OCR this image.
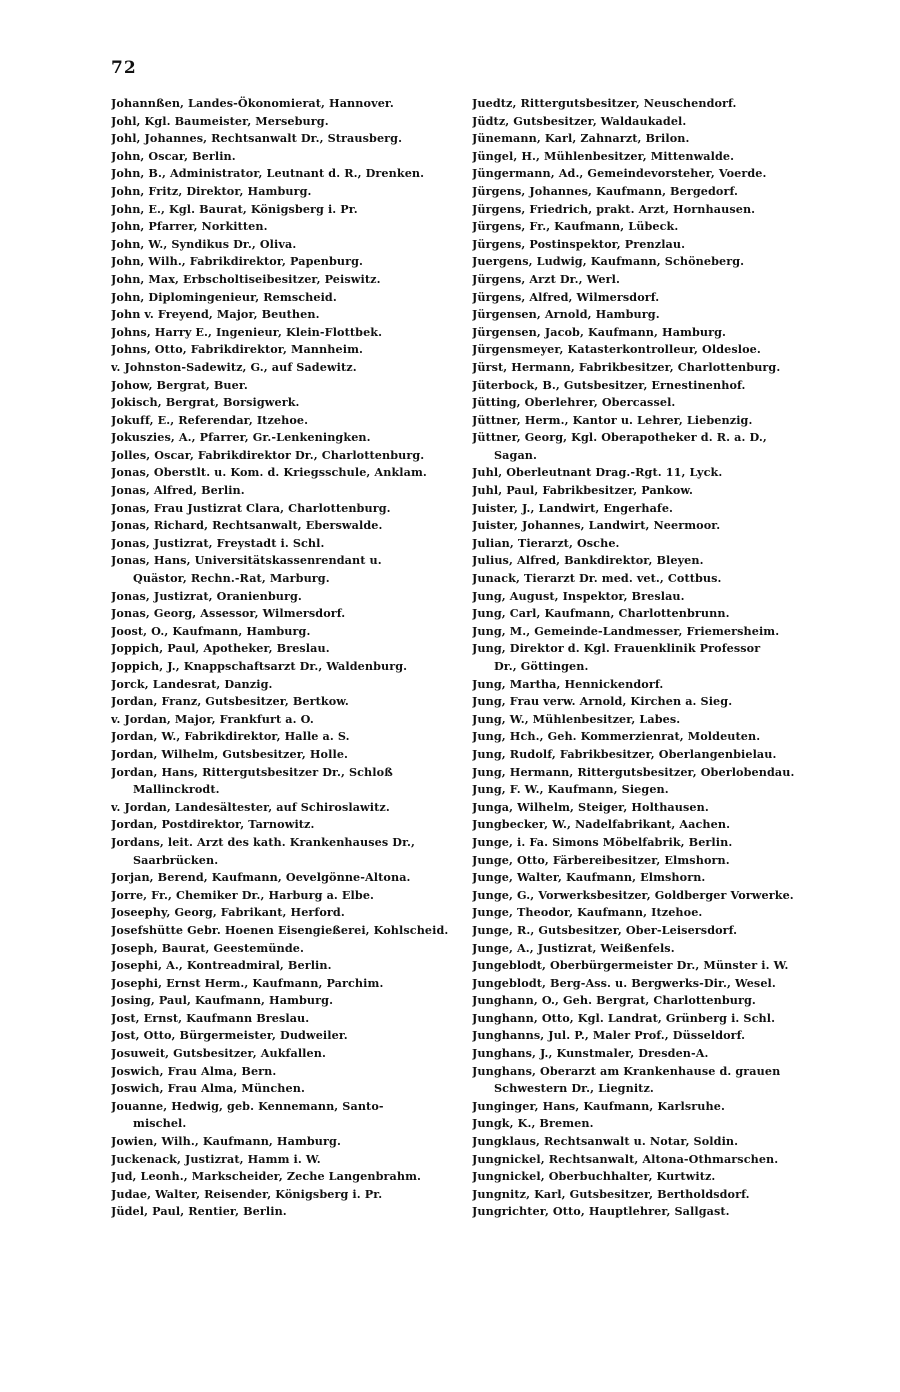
72
Johannßen, Landes-Ökonomierat, Hannover.
Johl, Kgl. Baumeister, Merseburg.
Johl, Johannes, Rechtsanwalt Dr., Strausberg.
John, Oscar, Berlin.
John, B., Administrator, Leutnant d. R., Drenken.
John, Fritz, Direktor, Hamburg.
John, E., Kgl. Baurat, Königsberg i. Pr.
John, Pfarrer, Norkitten.
John, W., Syndikus Dr., Oliva.
John, Wilh., Fabrikdirektor, Papenburg.
John, Max, Erbscholtiseibesitzer, Peiswitz.
John, Diplomingenieur, Remscheid.
John v. Freyend, Major, Beuthen.
Johns, Harry E., Ingenieur, Klein-Flottbek.
Johns, Otto, Fabrikdirektor, Mannheim.
v. Johnston-Sadewitz, G., auf Sadewitz.
Johow, Bergrat, Buer.
Jokisch, Bergrat, Borsigwerk.
Jokuff, E., Referendar, Itzehoe.
Jokuszies, A., Pfarrer, Gr.-Lenkeningken.
Jolles, Oscar, Fabrikdirektor Dr., Charlottenburg.
Jonas, Oberstlt. u. Kom. d. Kriegsschule, Anklam.
Jonas, Alfred, Berlin.
Jonas, Frau Justizrat Clara, Charlottenburg.
Jonas, Richard, Rechtsanwalt, Eberswalde.
Jonas, Justizrat, Freystadt i. Schl.
Jonas, Hans, Universitätskassenrendant u.
Quästor, Rechn.-Rat, Marburg.
Jonas, Justizrat, Oranienburg.
Jonas, Georg, Assessor, Wilmersdorf.
Joost, O., Kaufmann, Hamburg.
Joppich, Paul, Apotheker, Breslau.
Joppich, J., Knappschaftsarzt Dr., Waldenburg.
Jorck, Landesrat, Danzig.
Jordan, Franz, Gutsbesitzer, Bertkow.
v. Jordan, Major, Frankfurt a. O.
Jordan, W., Fabrikdirektor, Halle a. S.
Jordan, Wilhelm, Gutsbesitzer, Holle.
Jordan, Hans, Rittergutsbesitzer Dr., Schloß
Mallinckrodt.
v. Jordan, Landesältester, auf Schiroslawitz.
Jordan, Postdirektor, Tarnowitz.
Jordans, leit. Arzt des kath. Krankenhauses Dr.,
Saarbrücken.
Jorjan, Berend, Kaufmann, Oevelgönne-Altona.
Jorre, Fr., Chemiker Dr., Harburg a. Elbe.
Joseephy, Georg, Fabrikant, Herford.
Josefshütte Gebr. Hoenen Eisengießerei, Kohlscheid.
Joseph, Baurat, Geestemünde.
Josephi, A., Kontreadmiral, Berlin.
Josephi, Ernst Herm., Kaufmann, Parchim.
Josing, Paul, Kaufmann, Hamburg.
Jost, Ernst, Kaufmann Breslau.
Jost, Otto, Bürgermeister, Dudweiler.
Josuweit, Gutsbesitzer, Aukfallen.
Joswich, Frau Alma, Bern.
Joswich, Frau Alma, München.
Jouanne, Hedwig, geb. Kennemann, Santo-
mischel.
Jowien, Wilh., Kaufmann, Hamburg.
Juckenack, Justizrat, Hamm i. W.
Jud, Leonh., Markscheider, Zeche Langenbrahm.
Judae, Walter, Reisender, Königsberg i. Pr.
Jüdel, Paul, Rentier, Berlin.
Juedtz, Rittergutsbesitzer, Neuschendorf.
Jüdtz, Gutsbesitzer, Waldaukadel.
Jünemann, Karl, Zahnarzt, Brilon.
Jüngel, H., Mühlenbesitzer, Mittenwalde.
Jüngermann, Ad., Gemeindevorsteher, Voerde.
Jürgens, Johannes, Kaufmann, Bergedorf.
Jürgens, Friedrich, prakt. Arzt, Hornhausen.
Jürgens, Fr., Kaufmann, Lübeck.
Jürgens, Postinspektor, Prenzlau.
Juergens, Ludwig, Kaufmann, Schöneberg.
Jürgens, Arzt Dr., Werl.
Jürgens, Alfred, Wilmersdorf.
Jürgensen, Arnold, Hamburg.
Jürgensen, Jacob, Kaufmann, Hamburg.
Jürgensmeyer, Katasterkontrolleur, Oldesloe.
Jürst, Hermann, Fabrikbesitzer, Charlottenburg.
Jüterbock, B., Gutsbesitzer, Ernestinenhof.
Jütting, Oberlehrer, Obercassel.
Jüttner, Herm., Kantor u. Lehrer, Liebenzig.
Jüttner, Georg, Kgl. Oberapotheker d. R. a. D.,
Sagan.
Juhl, Oberleutnant Drag.-Rgt. 11, Lyck.
Juhl, Paul, Fabrikbesitzer, Pankow.
Juister, J., Landwirt, Engerhafe.
Juister, Johannes, Landwirt, Neermoor.
Julian, Tierarzt, Osche.
Julius, Alfred, Bankdirektor, Bleyen.
Junack, Tierarzt Dr. med. vet., Cottbus.
Jung, August, Inspektor, Breslau.
Jung, Carl, Kaufmann, Charlottenbrunn.
Jung, M., Gemeinde-Landmesser, Friemersheim.
Jung, Direktor d. Kgl. Frauenklinik Professor
Dr., Göttingen.
Jung, Martha, Hennickendorf.
Jung, Frau verw. Arnold, Kirchen a. Sieg.
Jung, W., Mühlenbesitzer, Labes.
Jung, Hch., Geh. Kommerzienrat, Moldeuten.
Jung, Rudolf, Fabrikbesitzer, Oberlangenbielau.
Jung, Hermann, Rittergutsbesitzer, Oberlobendau.
Jung, F. W., Kaufmann, Siegen.
Junga, Wilhelm, Steiger, Holthausen.
Jungbecker, W., Nadelfabrikant, Aachen.
Junge, i. Fa. Simons Möbelfabrik, Berlin.
Junge, Otto, Färbereibesitzer, Elmshorn.
Junge, Walter, Kaufmann, Elmshorn.
Junge, G., Vorwerksbesitzer, Goldberger Vorwerke.
Junge, Theodor, Kaufmann, Itzehoe.
Junge, R., Gutsbesitzer, Ober-Leisersdorf.
Junge, A., Justizrat, Weißenfels.
Jungeblodt, Oberbürgermeister Dr., Münster i. W.
Jungeblodt, Berg-Ass. u. Bergwerks-Dir., Wesel.
Junghann, O., Geh. Bergrat, Charlottenburg.
Junghann, Otto, Kgl. Landrat, Grünberg i. Schl.
Junghanns, Jul. P., Maler Prof., Düsseldorf.
Junghans, J., Kunstmaler, Dresden-A.
Junghans, Oberarzt am Krankenhause d. grauen
Schwestern Dr., Liegnitz.
Junginger, Hans, Kaufmann, Karlsruhe.
Jungk, K., Bremen.
Jungklaus, Rechtsanwalt u. Notar, Soldin.
Jungnickel, Rechtsanwalt, Altona-Othmarschen.
Jungnickel, Oberbuchhalter, Kurtwitz.
Jungnitz, Karl, Gutsbesitzer, Bertholdsdorf.
Jungrichter, Otto, Hauptlehrer, Sallgast.
